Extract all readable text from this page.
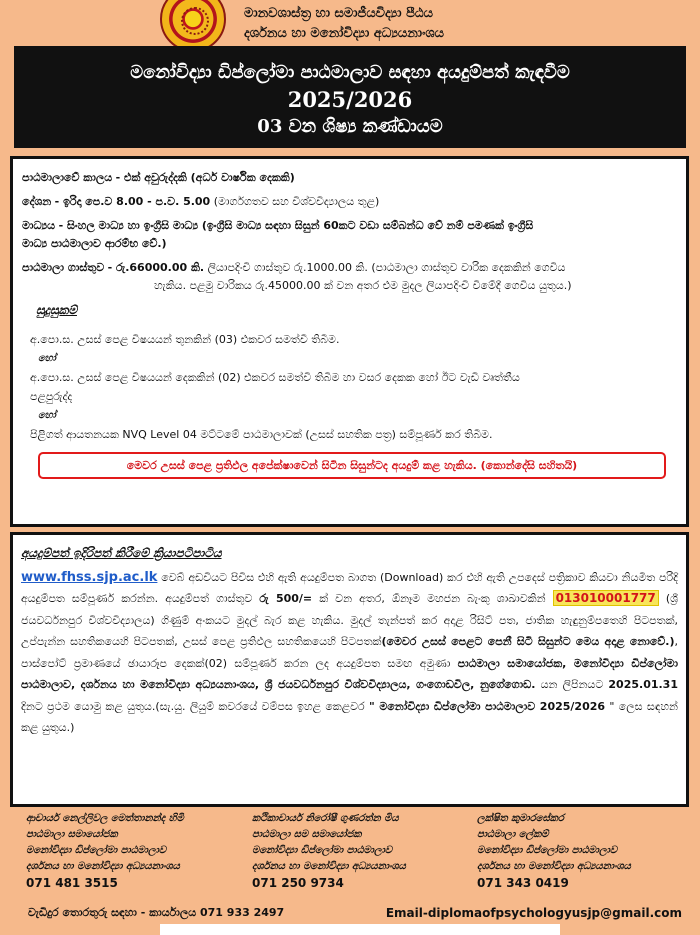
මානවශාස්ත්‍ර හා සමාජීයවිද්‍යා පීඨය
දර්ශනය හා මනෝවිද්‍යා අධ්‍යයනාංශය
මනෝවිද්‍යා ඩිප්ලෝමා පාඨමාලාව සඳහා අයදුම්පත් කැඳවීම
2025/2026
03 වන ශිෂ්‍ය කණ්ඩායම
පාඨමාලාවේ කාලය - එක් අවුරුද්දකි (අර්ධ වාර්ෂික දෙකකි)
දේශන - ඉරිදා පෙ.ව 8.00 - ප.ව. 5.00 (මාර්ගගතව සහ විශ්වවිද්‍යාලය තුළ)
මාධ්‍යය - සිංහල මාධ්‍ය හා ඉංග්‍රීසි මාධ්‍ය (ඉංග්‍රීසි මාධ්‍ය සඳහා සිසුන් 60කට වඩා සම්බන්ධ වේ නම් පමණක් ඉංග්‍රීසි
මාධ්‍ය පාඨමාලාව ආරම්භ වේ.)
පාඨමාලා ගාස්තුව - රු.66000.00 කි. ලියාපදිංචි ගාස්තුව රු.1000.00 කි. (පාඨමාලා ගාස්තුව වාරික දෙකකින් ගෙවිය
හැකිය. පළමු වාරිකය රු.45000.00 ක් වන අතර එම මුදල ලියාපදිංචි වීමේදී ගෙවිය යුතුය.)
සුදුසුකම්
අ.පො.ස. උසස් පෙළ විෂයයන් තුනකින් (03) එකවර සමත්වී තිබීම.
හෝ
අ.පො.ස. උසස් පෙළ විෂයයන් දෙකකින් (02) එකවර සමත්වී තිබීම හා වසර දෙකක හෝ ඊට වැඩි වෘත්තීය
පළපුරුද්ද
හෝ
පිළිගත් ආයතනයක NVQ Level 04 මට්ටමේ පාඨමාලාවක් (උසස් සහතික පත්‍ර) සම්පූර්ණ කර තිබීම.
මෙවර උසස් පෙළ ප්‍රතිඵල අපේක්ෂාවෙන් සිටින සිසුන්ටද අයදුම් කළ හැකිය. (කොන්දේසි සහිතයි)
අයදුම්පත් ඉදිරිපත් කිරීමේ ක්‍රියාපටිපාටිය
www.fhss.sjp.ac.lk වෙබ් අඩවියට පිවිස එහි ඇති අයදුම්පත බාගත (Download) කර එහි ඇති උපදෙස් පත්‍රිකාව කියවා නියමිත පරිදි අයදුම්පත සම්පූර්ණ කරන්න. අයදුම්පත් ගාස්තුව රු 500/= ක් වන අතර, ඕනෑම මහජන බැංකු ශාඛාවකින් 013010001777 (ශ්‍රී ජයවර්ධනපුර විශ්වවිද්‍යාලය) ගිණුම් අංකයට මුදල් බැර කළ හැකිය. මුදල් තැන්පත් කර අදාළ රිසිට් පත, ජාතික හැඳුනුම්පතෙහි පිටපතක්, උප්පැන්න සහතිකයෙහි පිටපතක්, උසස් පෙළ ප්‍රතිඵල සහතිකයෙහි පිටපතක්(මෙවර උසස් පෙළට පෙනී සිටි සිසුන්ට මෙය අදාළ නොවේ.), පාස්පෝට් ප්‍රමාණයේ ඡායාරූප දෙකක්(02) සම්පූර්ණ කරන ලද අයදුම්පත සමඟ අමුණා පාඨමාලා සමායෝජක, මනෝවිද්‍යා ඩිප්ලෝමා පාඨමාලාව, දර්ශනය හා මනෝවිද්‍යා අධ්‍යයනාංශය, ශ්‍රී ජයවර්ධනපුර විශ්වවිද්‍යාලය, ගංගොඩවිල, නුගේගොඩ. යන ලිපිනයට 2025.01.31 දිනට ප්‍රථම යොමු කළ යුතුය.(සැ.යු. ලියුම් කවරයේ වම්පස ඉහළ කෙළවර " මනෝවිද්‍යා ඩිප්ලෝමා පාඨමාලාව 2025/2026 " ලෙස සඳහන් කළ යුතුය.)
ආචාර්ය නෙල්ලිවල මෙත්තානන්ද හිමි
පාඨමාලා සමායෝජක
මනෝවිද්‍යා ඩිප්ලෝමා පාඨමාලාව
දර්ශනය හා මනෝවිද්‍යා අධ්‍යයනාංශය
071 481 3515
කථිකාචාර්ය නිරෝෂී ගුණරත්න මිය
පාඨමාලා සම සමායෝජක
මනෝවිද්‍යා ඩිප්ලෝමා පාඨමාලාව
දර්ශනය හා මනෝවිද්‍යා අධ්‍යයනාංශය
071 250 9734
ලක්ෂිත කුමාරසේකර
පාඨමාලා ලේකම්
මනෝවිද්‍යා ඩිප්ලෝමා පාඨමාලාව
දර්ශනය හා මනෝවිද්‍යා අධ්‍යයනාංශය
071 343 0419
වැඩිදුර තොරතුරු සඳහා - කාර්යාලය 071 933 2497	Email-diplomaofpsychologyusjp@gmail.com
